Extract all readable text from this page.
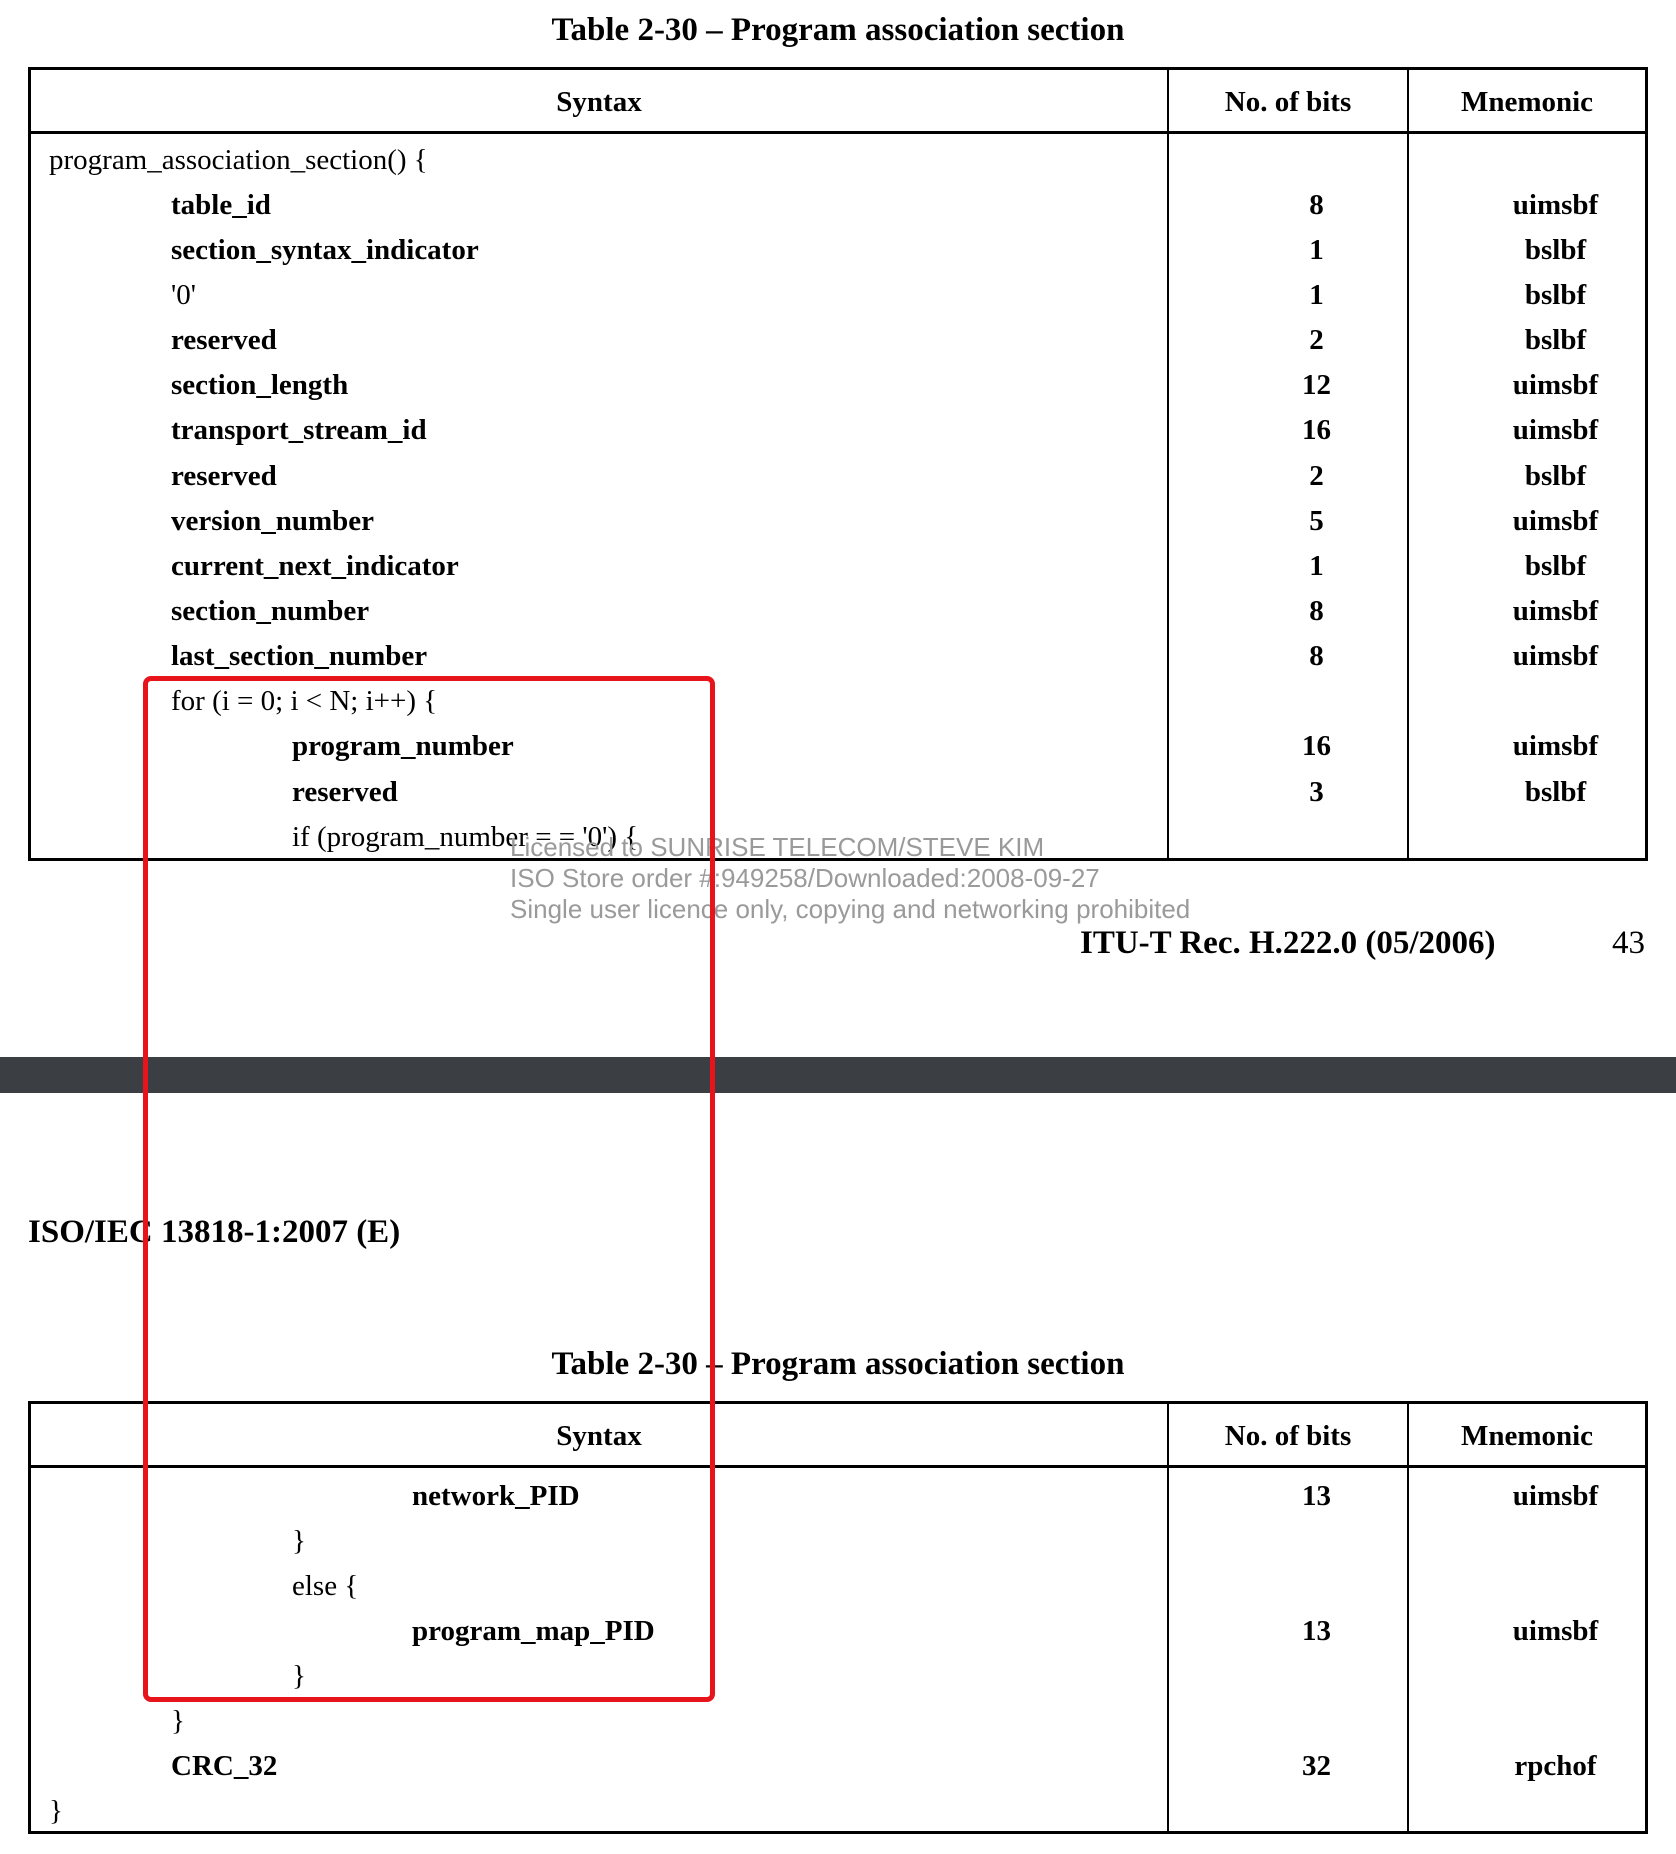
Table 2-30 – Program association section
Syntax	No. of bits	Mnemonic
program_association_section() {
table_id	8	uimsbf
section_syntax_indicator	1	bslbf
'0'	1	bslbf
reserved	2	bslbf
section_length	12	uimsbf
transport_stream_id	16	uimsbf
reserved	2	bslbf
version_number	5	uimsbf
current_next_indicator	1	bslbf
section_number	8	uimsbf
last_section_number	8	uimsbf
for (i = 0; i < N; i++) {
program_number	16	uimsbf
reserved	3	bslbf
if (program_number = = '0') {
Licensed to SUNRISE TELECOM/STEVE KIM
ISO Store order #:949258/Downloaded:2008-09-27
Single user licence only, copying and networking prohibited
ITU-T Rec. H.222.0 (05/2006)	43
ISO/IEC 13818-1:2007 (E)
Table 2-30 – Program association section
Syntax	No. of bits	Mnemonic
network_PID	13	uimsbf
}
else {
program_map_PID	13	uimsbf
}
}
CRC_32	32	rpchof
}
